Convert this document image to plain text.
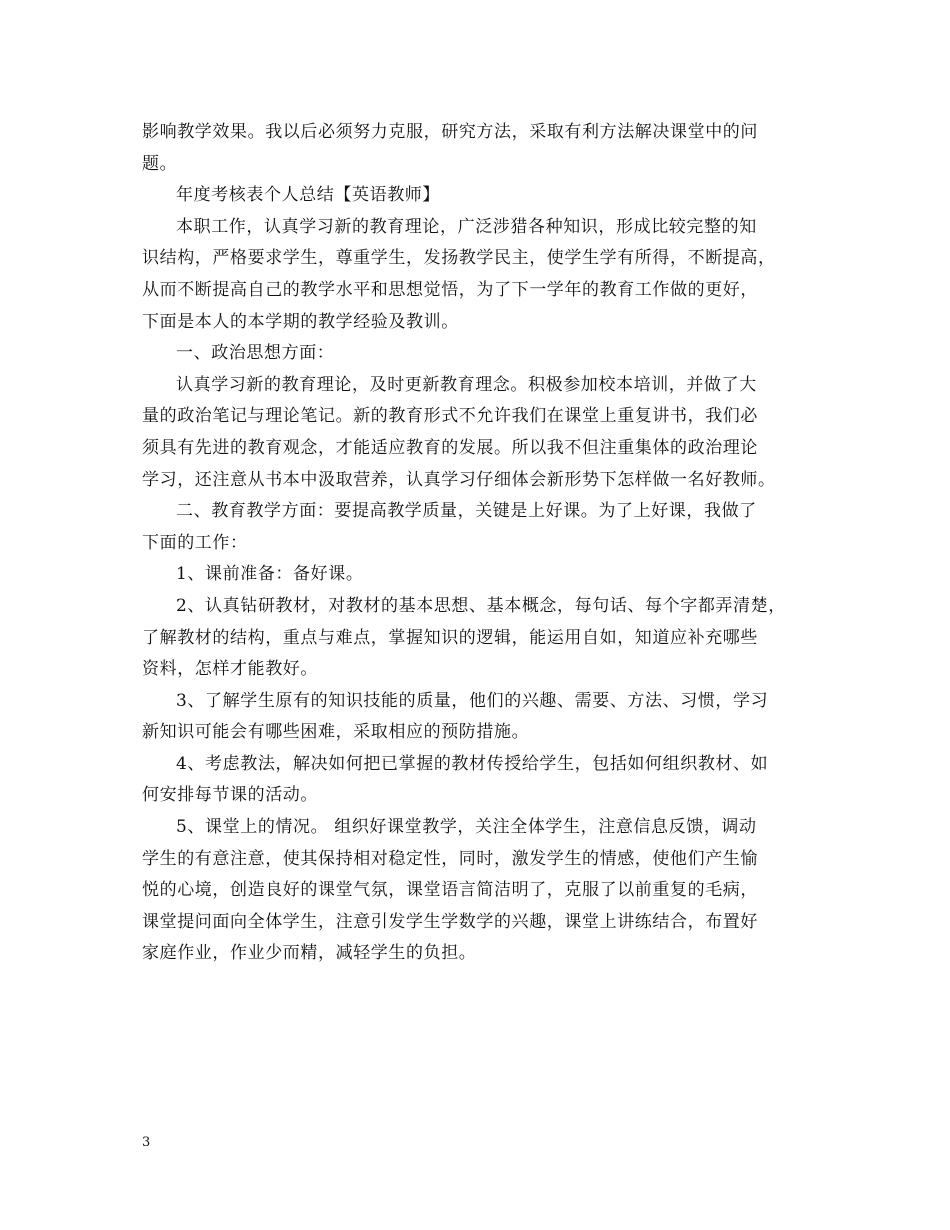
影响教学效果。我以后必须努力克服，研究方法，采取有利方法解决课堂中的问
题。
年度考核表个人总结【英语教师】
本职工作，认真学习新的教育理论，广泛涉猎各种知识，形成比较完整的知
识结构，严格要求学生，尊重学生，发扬教学民主，使学生学有所得，不断提高，
从而不断提高自己的教学水平和思想觉悟，为了下一学年的教育工作做的更好，
下面是本人的本学期的教学经验及教训。
一、政治思想方面：
认真学习新的教育理论，及时更新教育理念。积极参加校本培训，并做了大
量的政治笔记与理论笔记。新的教育形式不允许我们在课堂上重复讲书，我们必
须具有先进的教育观念，才能适应教育的发展。所以我不但注重集体的政治理论
学习，还注意从书本中汲取营养，认真学习仔细体会新形势下怎样做一名好教师。
二、教育教学方面：要提高教学质量，关键是上好课。为了上好课，我做了
下面的工作：
1、课前准备：备好课。
2、认真钻研教材，对教材的基本思想、基本概念，每句话、每个字都弄清楚，
了解教材的结构，重点与难点，掌握知识的逻辑，能运用自如，知道应补充哪些
资料，怎样才能教好。
3、了解学生原有的知识技能的质量，他们的兴趣、需要、方法、习惯，学习
新知识可能会有哪些困难，采取相应的预防措施。
4、考虑教法，解决如何把已掌握的教材传授给学生，包括如何组织教材、如
何安排每节课的活动。
5、课堂上的情况。 组织好课堂教学，关注全体学生，注意信息反馈，调动
学生的有意注意，使其保持相对稳定性，同时，激发学生的情感，使他们产生愉
悦的心境，创造良好的课堂气氛，课堂语言简洁明了，克服了以前重复的毛病，
课堂提问面向全体学生，注意引发学生学数学的兴趣，课堂上讲练结合，布置好
家庭作业，作业少而精，减轻学生的负担。
3
